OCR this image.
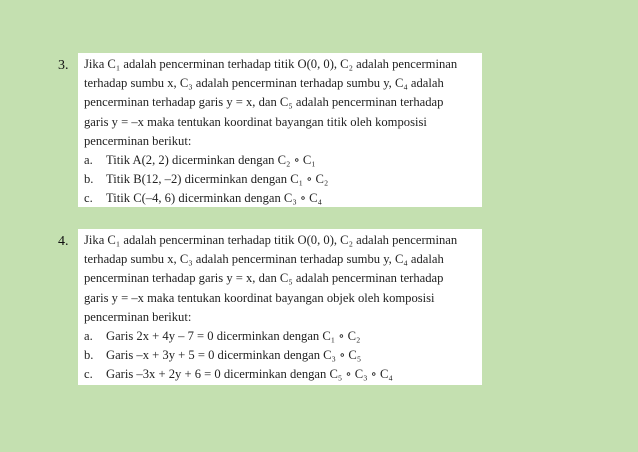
3. Jika C₁ adalah pencerminan terhadap titik O(0, 0), C₂ adalah pencerminan
terhadap sumbu x, C₃ adalah pencerminan terhadap sumbu y, C₄ adalah
pencerminan terhadap garis y = x, dan C₅ adalah pencerminan terhadap
garis y = –x maka tentukan koordinat bayangan titik oleh komposisi
pencerminan berikut:
a.	Titik A(2, 2) dicerminkan dengan C₂ ∘ C₁
b. Titik B(12, –2) dicerminkan dengan C₁ ∘ C₂
c.	Titik C(–4, 6) dicerminkan dengan C₃ ∘ C₄
4. Jika C₁ adalah pencerminan terhadap titik O(0, 0), C₂ adalah pencerminan
terhadap sumbu x, C₃ adalah pencerminan terhadap sumbu y, C₄ adalah
pencerminan terhadap garis y = x, dan C₅ adalah pencerminan terhadap
garis y = –x maka tentukan koordinat bayangan objek oleh komposisi
pencerminan berikut:
a.	Garis 2x + 4y – 7 = 0 dicerminkan dengan C₁ ∘ C₂
b. Garis –x + 3y + 5 = 0 dicerminkan dengan C₃ ∘ C₅
c.	Garis –3x + 2y + 6 = 0 dicerminkan dengan C₅ ∘ C₃ ∘ C₄
